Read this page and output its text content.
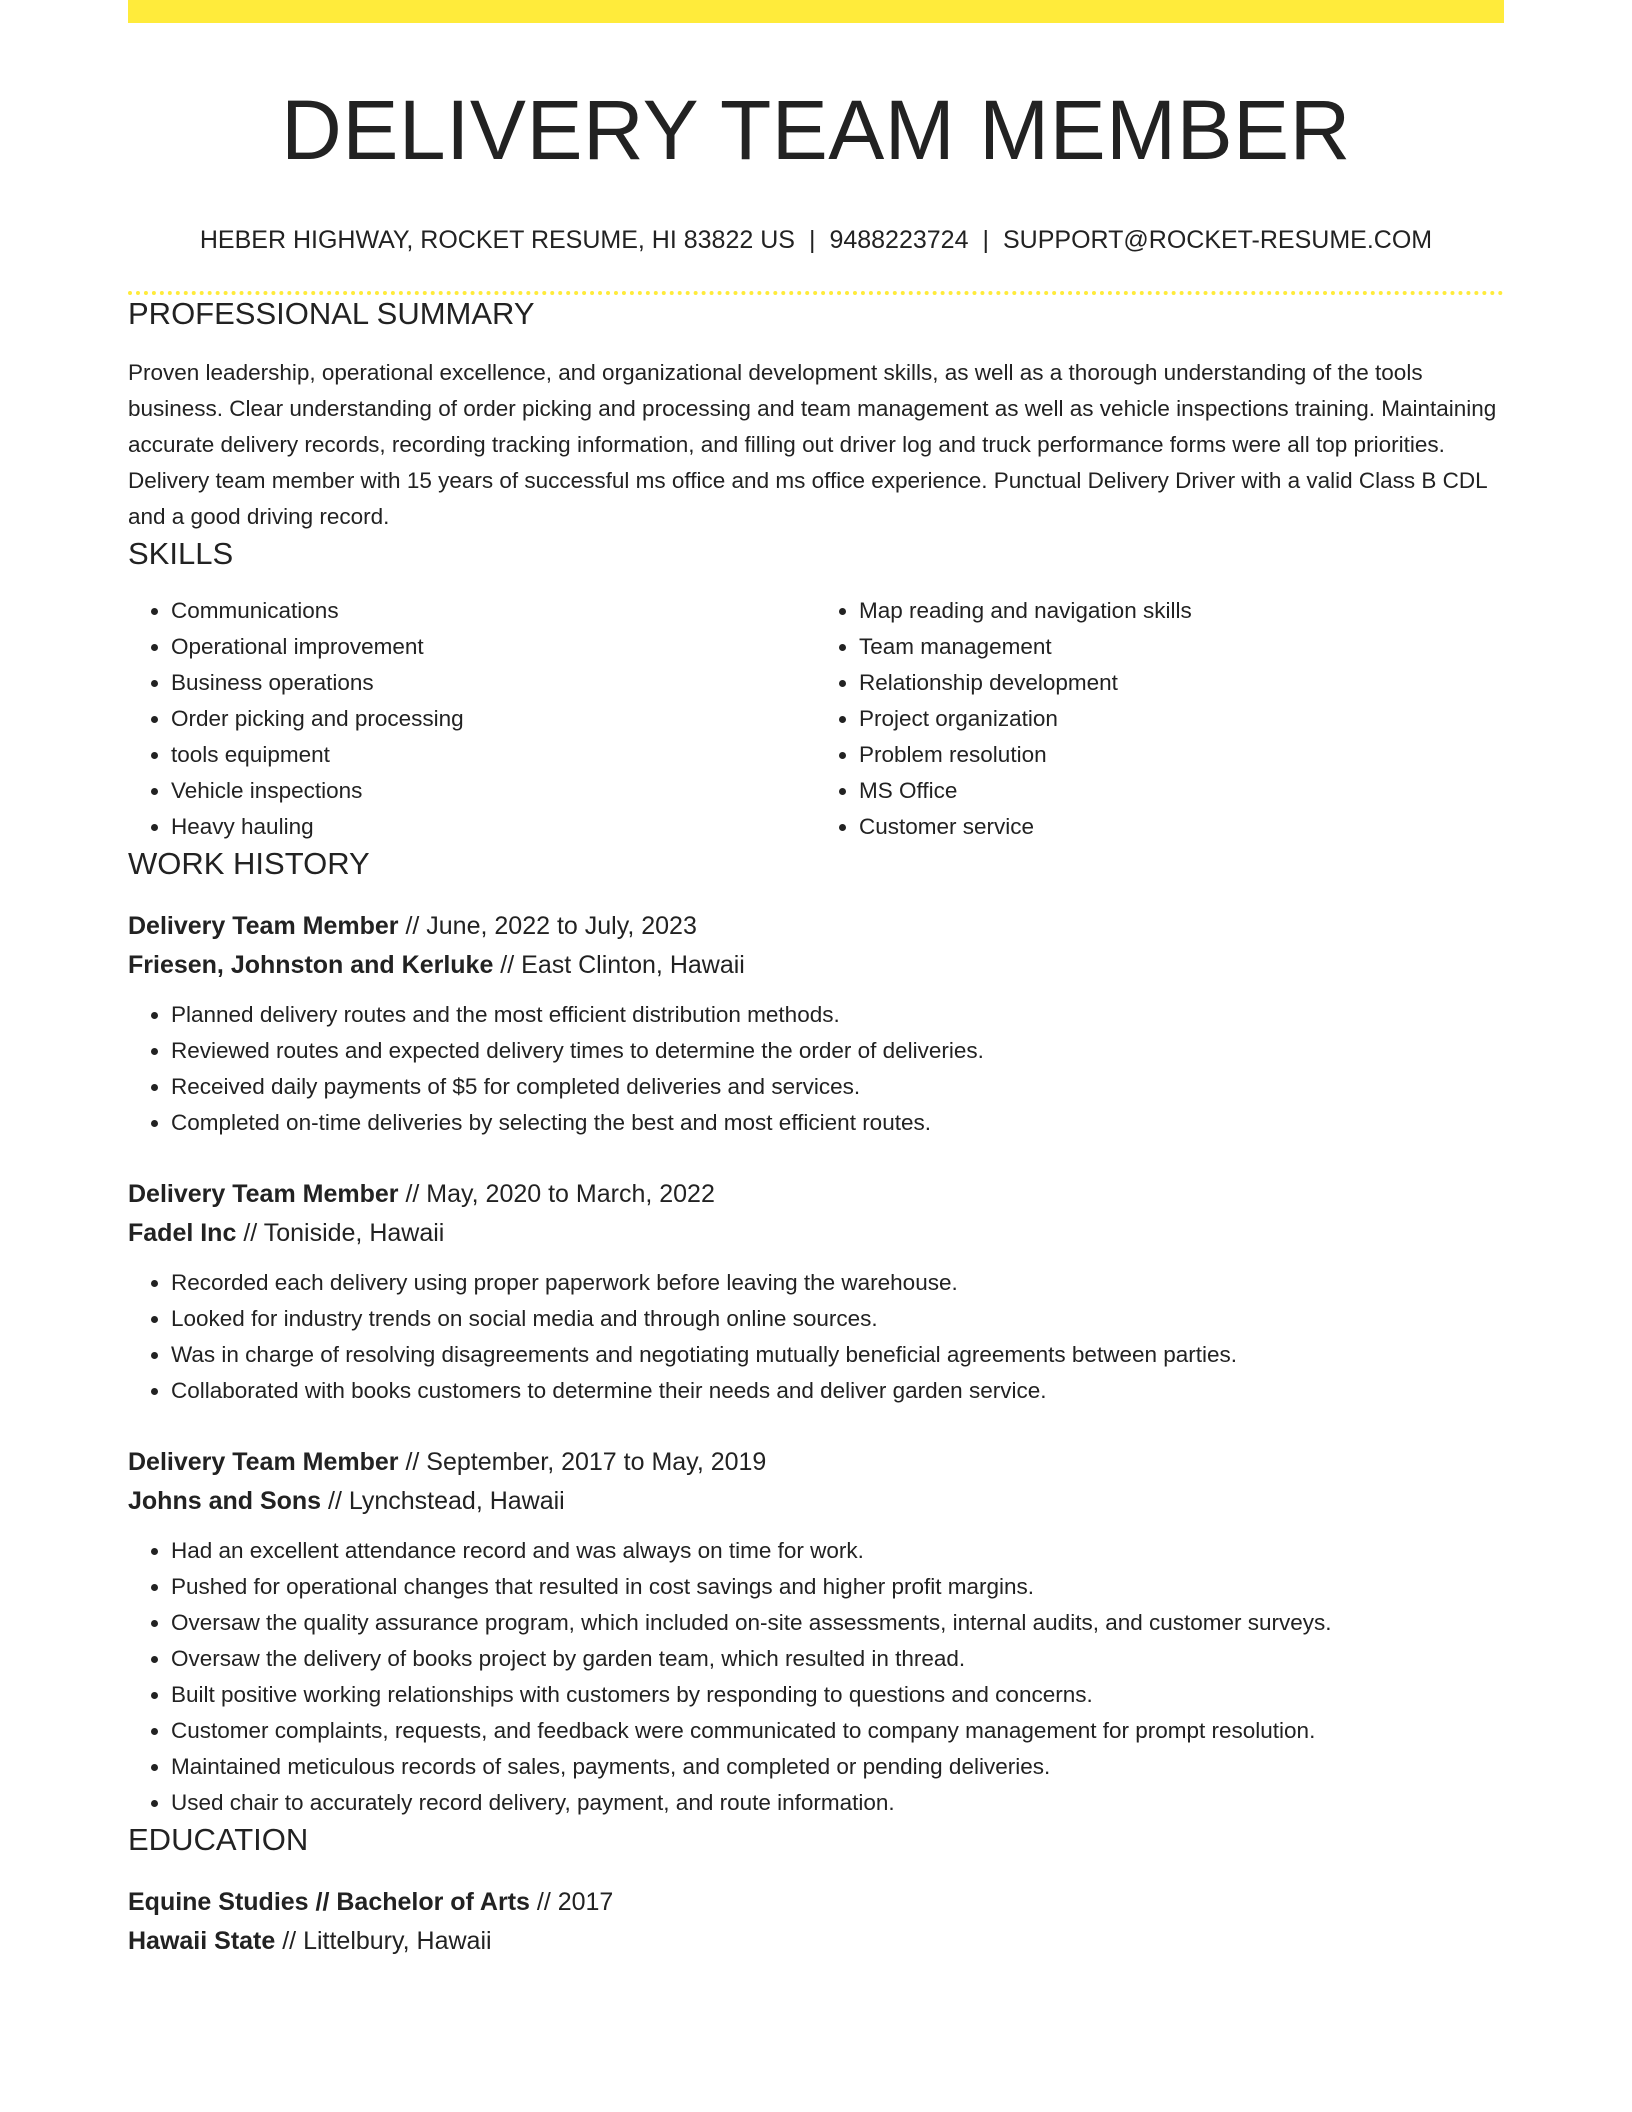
DELIVERY TEAM MEMBER
HEBER HIGHWAY, ROCKET RESUME, HI 83822 US | 9488223724 | SUPPORT@ROCKET-RESUME.COM
PROFESSIONAL SUMMARY
Proven leadership, operational excellence, and organizational development skills, as well as a thorough understanding of the tools business. Clear understanding of order picking and processing and team management as well as vehicle inspections training. Maintaining accurate delivery records, recording tracking information, and filling out driver log and truck performance forms were all top priorities. Delivery team member with 15 years of successful ms office and ms office experience. Punctual Delivery Driver with a valid Class B CDL and a good driving record.
SKILLS
• Communications
• Operational improvement
• Business operations
• Order picking and processing
• tools equipment
• Vehicle inspections
• Heavy hauling
• Map reading and navigation skills
• Team management
• Relationship development
• Project organization
• Problem resolution
• MS Office
• Customer service
WORK HISTORY
Delivery Team Member // June, 2022 to July, 2023
Friesen, Johnston and Kerluke // East Clinton, Hawaii
• Planned delivery routes and the most efficient distribution methods.
• Reviewed routes and expected delivery times to determine the order of deliveries.
• Received daily payments of $5 for completed deliveries and services.
• Completed on-time deliveries by selecting the best and most efficient routes.
Delivery Team Member // May, 2020 to March, 2022
Fadel Inc // Toniside, Hawaii
• Recorded each delivery using proper paperwork before leaving the warehouse.
• Looked for industry trends on social media and through online sources.
• Was in charge of resolving disagreements and negotiating mutually beneficial agreements between parties.
• Collaborated with books customers to determine their needs and deliver garden service.
Delivery Team Member // September, 2017 to May, 2019
Johns and Sons // Lynchstead, Hawaii
• Had an excellent attendance record and was always on time for work.
• Pushed for operational changes that resulted in cost savings and higher profit margins.
• Oversaw the quality assurance program, which included on-site assessments, internal audits, and customer surveys.
• Oversaw the delivery of books project by garden team, which resulted in thread.
• Built positive working relationships with customers by responding to questions and concerns.
• Customer complaints, requests, and feedback were communicated to company management for prompt resolution.
• Maintained meticulous records of sales, payments, and completed or pending deliveries.
• Used chair to accurately record delivery, payment, and route information.
EDUCATION
Equine Studies // Bachelor of Arts // 2017
Hawaii State // Littelbury, Hawaii
